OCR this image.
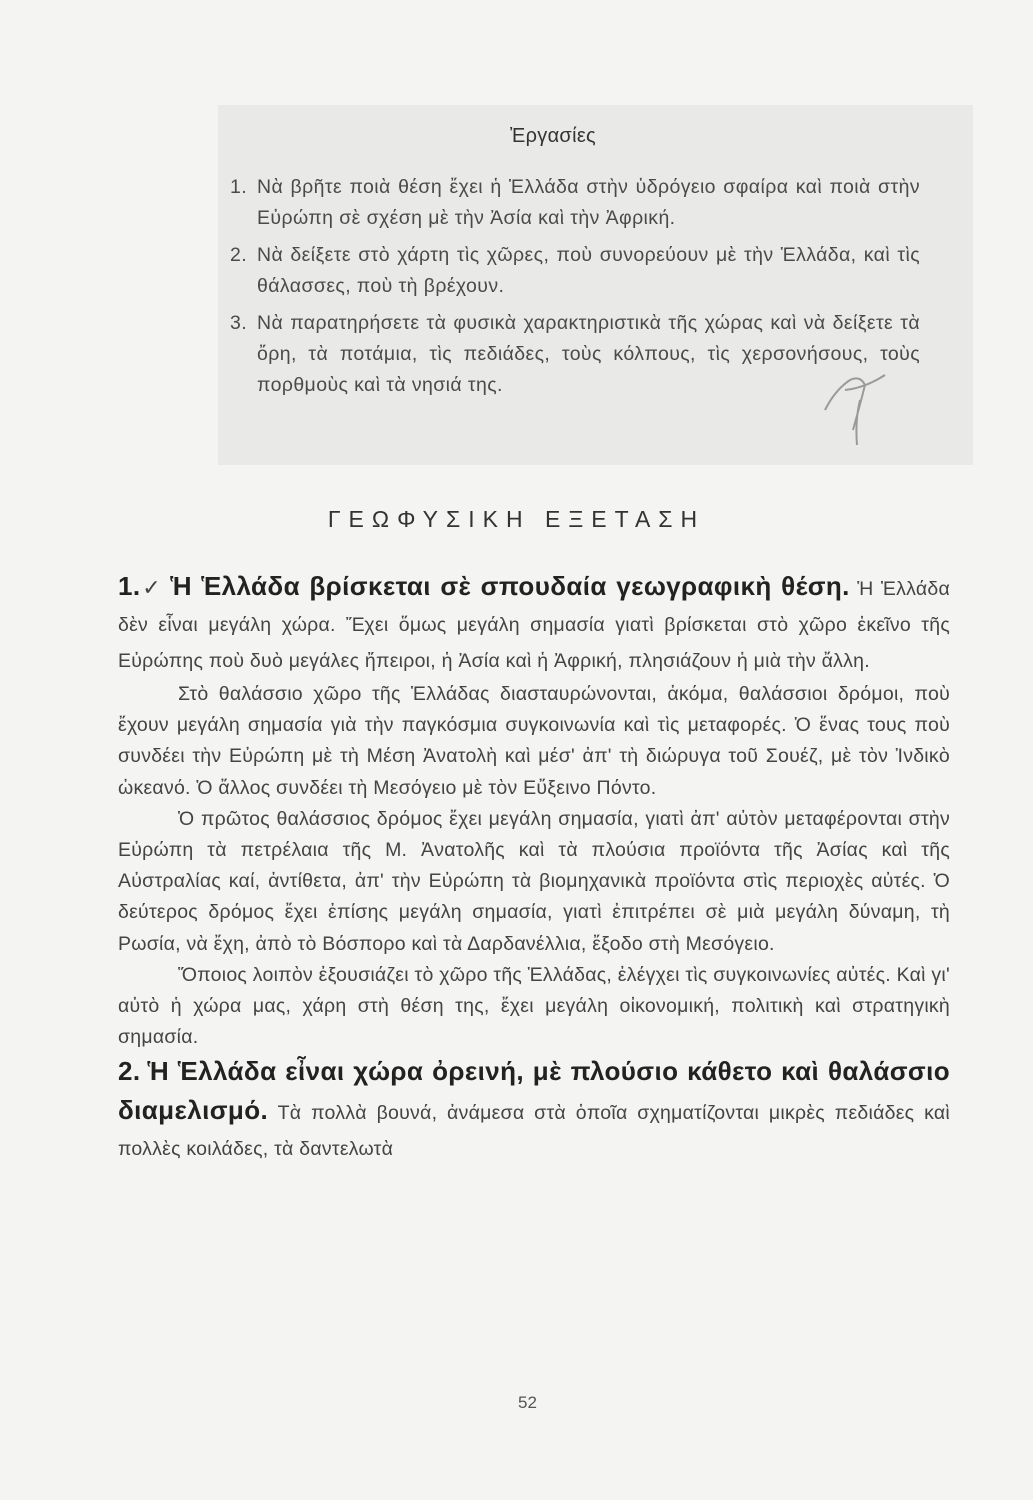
Ἐργασίες
1. Νὰ βρῆτε ποιὰ θέση ἔχει ἡ Ἑλλάδα στὴν ὑδρόγειο σφαίρα καὶ ποιὰ στὴν Εὐρώπη σὲ σχέση μὲ τὴν Ἀσία καὶ τὴν Ἀφρική.
2. Νὰ δείξετε στὸ χάρτη τὶς χῶρες, ποὺ συνορεύουν μὲ τὴν Ἑλλάδα, καὶ τὶς θάλασσες, ποὺ τὴ βρέχουν.
3. Νὰ παρατηρήσετε τὰ φυσικὰ χαρακτηριστικὰ τῆς χώρας καὶ νὰ δείξετε τὰ ὄρη, τὰ ποτάμια, τὶς πεδιάδες, τοὺς κόλπους, τὶς χερσονήσους, τοὺς πορθμοὺς καὶ τὰ νησιά της.
ΓΕΩΦΥΣΙΚΗ ΕΞΕΤΑΣΗ

1.✓ Ἡ Ἑλλάδα βρίσκεται σὲ σπουδαία γεωγραφικὴ θέση. Ἡ Ἑλλάδα δὲν εἶναι μεγάλη χώρα. Ἔχει ὅμως μεγάλη σημασία γιατὶ βρίσκεται στὸ χῶρο ἐκεῖνο τῆς Εὐρώπης ποὺ δυὸ μεγάλες ἤπειροι, ἡ Ἀσία καὶ ἡ Ἀφρική, πλησιάζουν ἡ μιὰ τὴν ἄλλη.

Στὸ θαλάσσιο χῶρο τῆς Ἑλλάδας διασταυρώνονται, ἀκόμα, θαλάσσιοι δρόμοι, ποὺ ἔχουν μεγάλη σημασία γιὰ τὴν παγκόσμια συγκοινωνία καὶ τὶς μεταφορές. Ὁ ἕνας τους ποὺ συνδέει τὴν Εὐρώπη μὲ τὴ Μέση Ἀνατολὴ καὶ μέσ' ἀπ' τὴ διώρυγα τοῦ Σουέζ, μὲ τὸν Ἰνδικὸ ὠκεανό. Ὁ ἄλλος συνδέει τὴ Μεσόγειο μὲ τὸν Εὔξεινο Πόντο.

Ὁ πρῶτος θαλάσσιος δρόμος ἔχει μεγάλη σημασία, γιατὶ ἀπ' αὐτὸν μεταφέρονται στὴν Εὐρώπη τὰ πετρέλαια τῆς Μ. Ἀνατολῆς καὶ τὰ πλούσια προϊόντα τῆς Ἀσίας καὶ τῆς Αὐστραλίας καί, ἀντίθετα, ἀπ' τὴν Εὐρώπη τὰ βιομηχανικὰ προϊόντα στὶς περιοχὲς αὐτές. Ὁ δεύτερος δρόμος ἔχει ἐπίσης μεγάλη σημασία, γιατὶ ἐπιτρέπει σὲ μιὰ μεγάλη δύναμη, τὴ Ρωσία, νὰ ἔχη, ἀπὸ τὸ Βόσπορο καὶ τὰ Δαρδανέλλια, ἔξοδο στὴ Μεσόγειο.

Ὅποιος λοιπὸν ἐξουσιάζει τὸ χῶρο τῆς Ἑλλάδας, ἐλέγχει τὶς συγκοινωνίες αὐτές. Καὶ γι' αὐτὸ ἡ χώρα μας, χάρη στὴ θέση της, ἔχει μεγάλη οἰκονομική, πολιτικὴ καὶ στρατηγικὴ σημασία.

2. Ἡ Ἑλλάδα εἶναι χώρα ὀρεινή, μὲ πλούσιο κάθετο καὶ θαλάσσιο διαμελισμό. Τὰ πολλὰ βουνά, ἀνάμεσα στὰ ὁποῖα σχηματίζονται μικρὲς πεδιάδες καὶ πολλὲς κοιλάδες, τὰ δαντελωτὰ

52
